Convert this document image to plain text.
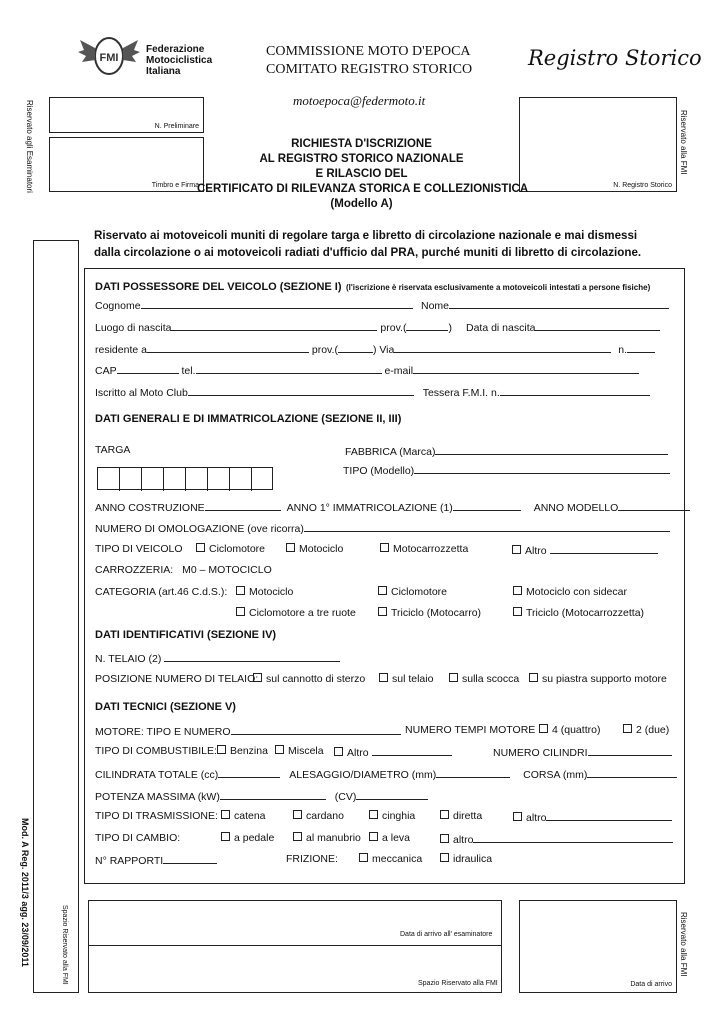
FMI
Federazione
Motociclistica
Italiana
COMMISSIONE MOTO D'EPOCA
COMITATO REGISTRO STORICO	Registro Storico
motoepoca@federmoto.it
Riservato agli Esaminatori	Riservato alla FMI
N. Preliminare
Timbro e Firma	N. Registro Storico
RICHIESTA D'ISCRIZIONE
AL REGISTRO STORICO NAZIONALE
E RILASCIO DEL
CERTIFICATO DI RILEVANZA STORICA E COLLEZIONISTICA
(Modello A)
Mod. A Reg. 2011/3 agg. 23/09/2011	Spazio Riservato alla FMI
Riservato ai motoveicoli muniti di regolare targa e libretto di circolazione nazionale e mai dismessi
dalla circolazione o ai motoveicoli radiati d'ufficio dal PRA, purché muniti di libretto di circolazione.
DATI POSSESSORE DEL VEICOLO (SEZIONE I) (l'iscrizione è riservata esclusivamente a motoveicoli intestati a persone fisiche)
Cognome	Nome
Luogo di nascita	prov.(	) Data di nascita
residente a	prov.(	) Via	n.
CAP	tel.	e-mail
Iscritto al Moto Club	Tessera F.M.I. n.
DATI GENERALI E DI IMMATRICOLAZIONE (SEZIONE II, III)
TARGA	FABBRICA (Marca)
TIPO (Modello)
ANNO COSTRUZIONE	ANNO 1° IMMATRICOLAZIONE (1)	ANNO MODELLO
NUMERO DI OMOLOGAZIONE (ove ricorra)
TIPO DI VEICOLO	Ciclomotore	Motociclo	Motocarrozzetta	Altro
CARROZZERIA: M0 – MOTOCICLO
CATEGORIA (art.46 C.d.S.):	Motociclo	Ciclomotore	Motociclo con sidecar
Ciclomotore a tre ruote	Triciclo (Motocarro)	Triciclo (Motocarrozzetta)
DATI IDENTIFICATIVI (SEZIONE IV)
N. TELAIO (2)
POSIZIONE NUMERO DI TELAIO: sul cannotto di sterzo	sul telaio	sulla scocca	su piastra supporto motore
DATI TECNICI (SEZIONE V)
MOTORE: TIPO E NUMERO	NUMERO TEMPI MOTORE	4 (quattro)	2 (due)
TIPO DI COMBUSTIBILE:	Benzina	Miscela	Altro	NUMERO CILINDRI
CILINDRATA TOTALE (cc)	ALESAGGIO/DIAMETRO (mm)	CORSA (mm)
POTENZA MASSIMA (kW)	(CV)
TIPO DI TRASMISSIONE:	catena	cardano	cinghia	diretta	altro
TIPO DI CAMBIO:	a pedale	al manubrio	a leva	altro
N° RAPPORTI	FRIZIONE:	meccanica	idraulica
Data di arrivo all' esaminatore
Spazio Riservato alla FMI	Data di arrivo
Riservato alla FMI
